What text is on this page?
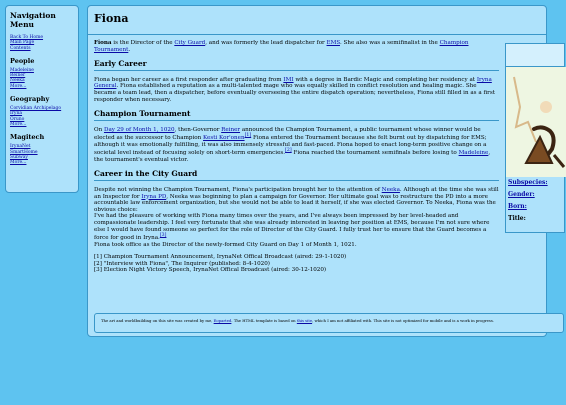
Navigation Menu
Back To Home
Main Page
Contents
People
Madeleine
Reiner
Neeka
More...
Geography
Corvidian Archipelago
Iryna
Oruno
More...
Magitech
IrynaNet
SmartHome
Subway
More...
Fiona

Fiona is the Director of the City Guard, and was formerly the lead dispatcher for EMS. She also was a semifinalist in the Champion Tournament.

Early Career

Fiona began her career as a first responder after graduating from IMI with a degree in Bardic Magic and completing her residency at Iryna General. Fiona established a reputation as a multi-talented mage who was equally skilled in conflict resolution and healing magic. She became a team lead, then a dispatcher, before eventually overseeing the entire dispatch operation; nevertheless, Fiona still filled in as a first responder when necessary.

Champion Tournament

On Day 29 of Month 1, 1020, then-Governor Reiner announced the Champion Tournament, a public tournament whose winner would be elected as the successor to Champion Kesti Kor'onen[1] Fiona entered the Tournament because she felt burnt out by dispatching for EMS; although it was emotionally fulfilling, it was also immensely stressful and fast-paced. Fiona hoped to enact long-term positive change on a societal level instead of focusing solely on short-term emergencies.[2] Fiona reached the tournament semifinals before losing to Madeleine, the tournament's eventual victor.

Career in the City Guard

Despite not winning the Champion Tournament, Fiona's participation brought her to the attention of Neeka. Although at the time she was still an Inspector for Iryna PD, Neeka was beginning to plan a campaign for Governor. Her ultimate goal was to restructure the PD into a more accountable law enforcement organization, but she would not be able to lead it herself, if she was elected Governor. To Neeka, Fiona was the obvious choice:

I've had the pleasure of working with Fiona many times over the years, and I've always been impressed by her level-headed and compassionate leadership. I feel very fortunate that she was already interested in leaving her position at EMS, because I'm not sure where else I would have found someone so perfect for the role of Director of the City Guard. I fully trust her to ensure that the Guard becomes a force for good in Iryna.[3]

Fiona took office as the Director of the newly-formed City Guard on Day 1 of Month 1, 1021.

[1] Champion Tournament Announcement, IrynaNet Offical Broadcast (aired: 29-1-1020)
[2] "Interview with Fiona", The Inquirer (published: 8-4-1020)
[3] Election Night Victory Speech, IrynaNet Offical Broadcast (aired: 30-12-1020)
Subspecies:
Gender:
Born:
Title:
The art and worldbuilding on this site was created by me, Eoparted. The HTML template is based on this site, which I am not affiliated with. This site is not optimized for mobile and is a work in progress.
